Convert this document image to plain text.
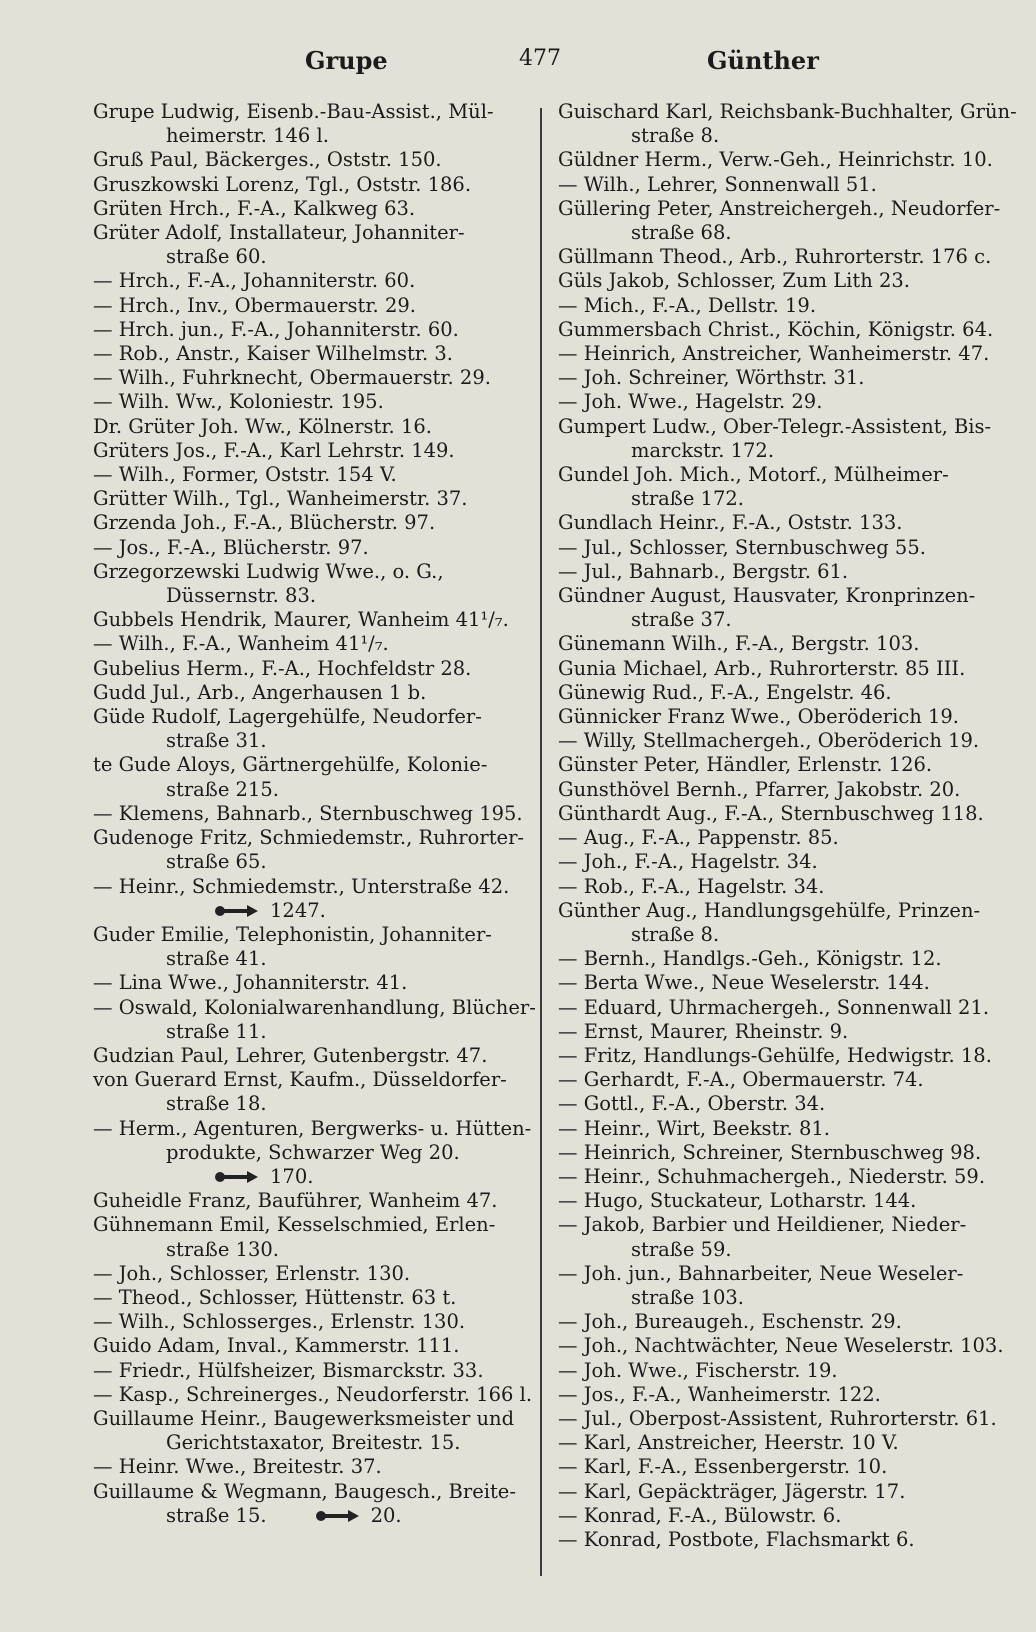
Grupe	477	Günther
Grupe Ludwig, Eisenb.-Bau-Assist., Mül-
heimerstr. 146 l.
Gruß Paul, Bäckerges., Oststr. 150.
Gruszkowski Lorenz, Tgl., Oststr. 186.
Grüten Hrch., F.-A., Kalkweg 63.
Grüter Adolf, Installateur, Johanniter-
straße 60.
— Hrch., F.-A., Johanniterstr. 60.
— Hrch., Inv., Obermauerstr. 29.
— Hrch. jun., F.-A., Johanniterstr. 60.
— Rob., Anstr., Kaiser Wilhelmstr. 3.
— Wilh., Fuhrknecht, Obermauerstr. 29.
— Wilh. Ww., Koloniestr. 195.
Dr. Grüter Joh. Ww., Kölnerstr. 16.
Grüters Jos., F.-A., Karl Lehrstr. 149.
— Wilh., Former, Oststr. 154 V.
Grütter Wilh., Tgl., Wanheimerstr. 37.
Grzenda Joh., F.-A., Blücherstr. 97.
— Jos., F.-A., Blücherstr. 97.
Grzegorzewski Ludwig Wwe., o. G.,
Düssernstr. 83.
Gubbels Hendrik, Maurer, Wanheim 41¹/₇.
— Wilh., F.-A., Wanheim 41¹/₇.
Gubelius Herm., F.-A., Hochfeldstr 28.
Gudd Jul., Arb., Angerhausen 1 b.
Güde Rudolf, Lagergehülfe, Neudorfer-
straße 31.
te Gude Aloys, Gärtnergehülfe, Kolonie-
straße 215.
— Klemens, Bahnarb., Sternbuschweg 195.
Gudenoge Fritz, Schmiedemstr., Ruhrorter-
straße 65.
— Heinr., Schmiedemstr., Unterstraße 42.
1247.
Guder Emilie, Telephonistin, Johanniter-
straße 41.
— Lina Wwe., Johanniterstr. 41.
— Oswald, Kolonialwarenhandlung, Blücher-
straße 11.
Gudzian Paul, Lehrer, Gutenbergstr. 47.
von Guerard Ernst, Kaufm., Düsseldorfer-
straße 18.
— Herm., Agenturen, Bergwerks- u. Hütten-
produkte, Schwarzer Weg 20.
170.
Guheidle Franz, Bauführer, Wanheim 47.
Gühnemann Emil, Kesselschmied, Erlen-
straße 130.
— Joh., Schlosser, Erlenstr. 130.
— Theod., Schlosser, Hüttenstr. 63 t.
— Wilh., Schlosserges., Erlenstr. 130.
Guido Adam, Inval., Kammerstr. 111.
— Friedr., Hülfsheizer, Bismarckstr. 33.
— Kasp., Schreinerges., Neudorferstr. 166 l.
Guillaume Heinr., Baugewerksmeister und
Gerichtstaxator, Breitestr. 15.
— Heinr. Wwe., Breitestr. 37.
Guillaume & Wegmann, Baugesch., Breite-
straße 15.	20.
Guischard Karl, Reichsbank-Buchhalter, Grün-
straße 8.
Güldner Herm., Verw.-Geh., Heinrichstr. 10.
— Wilh., Lehrer, Sonnenwall 51.
Güllering Peter, Anstreichergeh., Neudorfer-
straße 68.
Güllmann Theod., Arb., Ruhrorterstr. 176 c.
Güls Jakob, Schlosser, Zum Lith 23.
— Mich., F.-A., Dellstr. 19.
Gummersbach Christ., Köchin, Königstr. 64.
— Heinrich, Anstreicher, Wanheimerstr. 47.
— Joh. Schreiner, Wörthstr. 31.
— Joh. Wwe., Hagelstr. 29.
Gumpert Ludw., Ober-Telegr.-Assistent, Bis-
marckstr. 172.
Gundel Joh. Mich., Motorf., Mülheimer-
straße 172.
Gundlach Heinr., F.-A., Oststr. 133.
— Jul., Schlosser, Sternbuschweg 55.
— Jul., Bahnarb., Bergstr. 61.
Gündner August, Hausvater, Kronprinzen-
straße 37.
Günemann Wilh., F.-A., Bergstr. 103.
Gunia Michael, Arb., Ruhrorterstr. 85 III.
Günewig Rud., F.-A., Engelstr. 46.
Günnicker Franz Wwe., Oberöderich 19.
— Willy, Stellmachergeh., Oberöderich 19.
Günster Peter, Händler, Erlenstr. 126.
Gunsthövel Bernh., Pfarrer, Jakobstr. 20.
Günthardt Aug., F.-A., Sternbuschweg 118.
— Aug., F.-A., Pappenstr. 85.
— Joh., F.-A., Hagelstr. 34.
— Rob., F.-A., Hagelstr. 34.
Günther Aug., Handlungsgehülfe, Prinzen-
straße 8.
— Bernh., Handlgs.-Geh., Königstr. 12.
— Berta Wwe., Neue Weselerstr. 144.
— Eduard, Uhrmachergeh., Sonnenwall 21.
— Ernst, Maurer, Rheinstr. 9.
— Fritz, Handlungs-Gehülfe, Hedwigstr. 18.
— Gerhardt, F.-A., Obermauerstr. 74.
— Gottl., F.-A., Oberstr. 34.
— Heinr., Wirt, Beekstr. 81.
— Heinrich, Schreiner, Sternbuschweg 98.
— Heinr., Schuhmachergeh., Niederstr. 59.
— Hugo, Stuckateur, Lotharstr. 144.
— Jakob, Barbier und Heildiener, Nieder-
straße 59.
— Joh. jun., Bahnarbeiter, Neue Weseler-
straße 103.
— Joh., Bureaugeh., Eschenstr. 29.
— Joh., Nachtwächter, Neue Weselerstr. 103.
— Joh. Wwe., Fischerstr. 19.
— Jos., F.-A., Wanheimerstr. 122.
— Jul., Oberpost-Assistent, Ruhrorterstr. 61.
— Karl, Anstreicher, Heerstr. 10 V.
— Karl, F.-A., Essenbergerstr. 10.
— Karl, Gepäckträger, Jägerstr. 17.
— Konrad, F.-A., Bülowstr. 6.
— Konrad, Postbote, Flachsmarkt 6.
